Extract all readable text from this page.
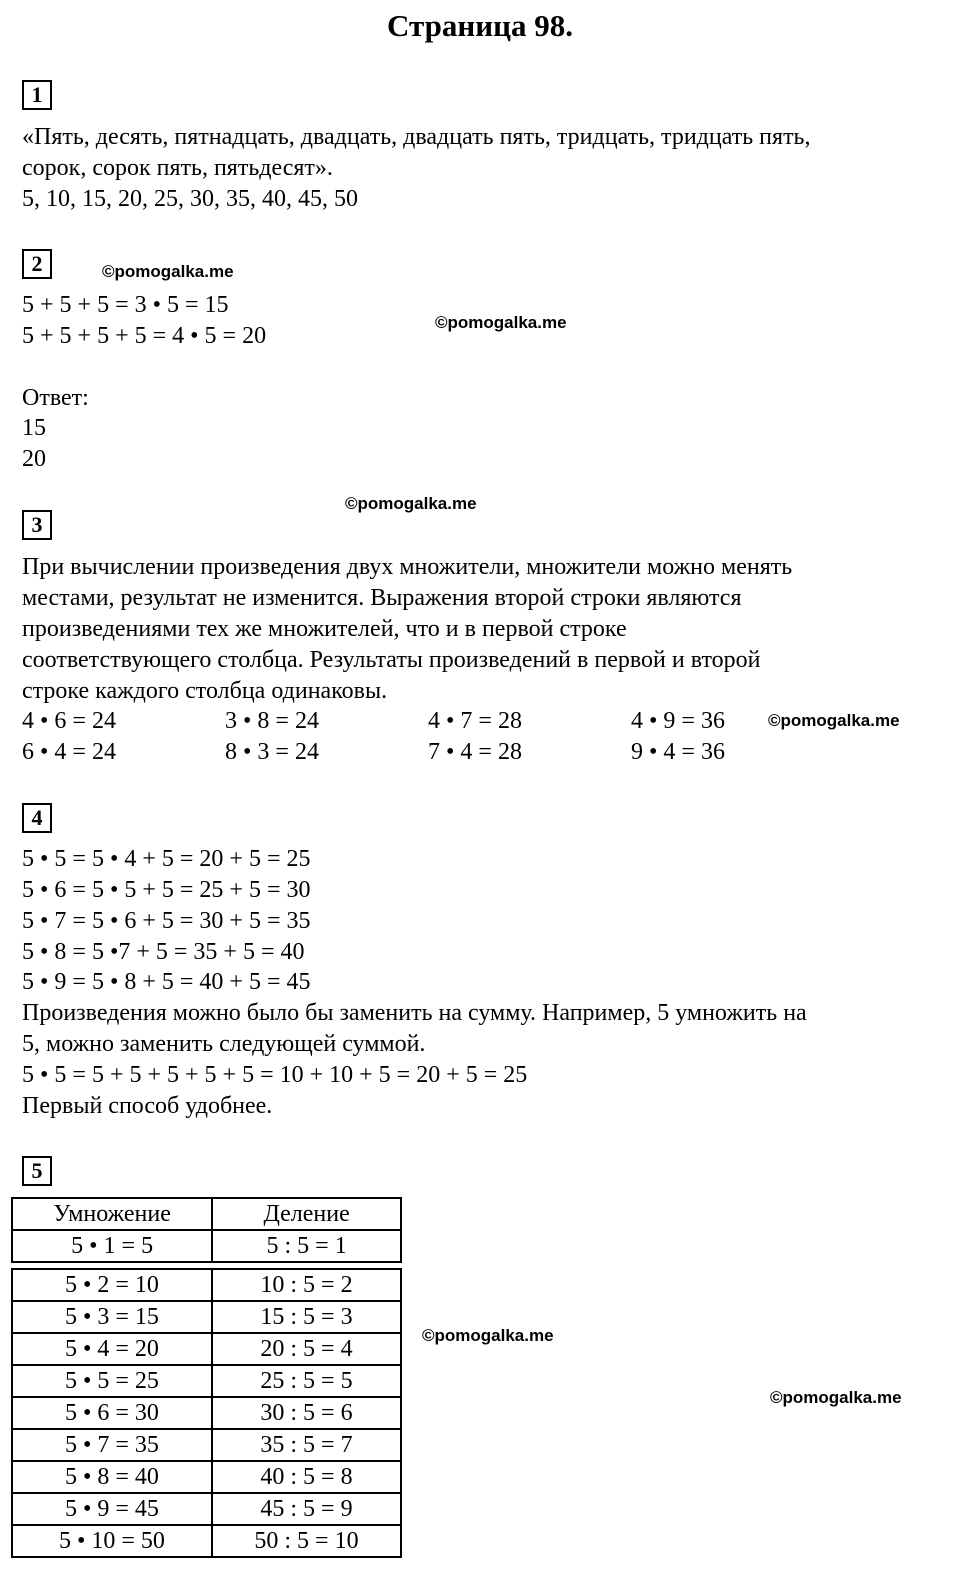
Страница 98.
1
«Пять, десять, пятнадцать, двадцать, двадцать пять, тридцать, тридцать пять,
сорок, сорок пять, пятьдесят».
5, 10, 15, 20, 25, 30, 35, 40, 45, 50
2	©pomogalka.me
5 + 5 + 5 = 3 • 5 = 15
©pomogalka.me
5 + 5 + 5 + 5 = 4 • 5 = 20
Ответ:
15
20
©pomogalka.me
3
При вычислении произведения двух множители, множители можно менять
местами, результат не изменится. Выражения второй строки являются
произведениями тех же множителей, что и в первой строке
соответствующего столбца. Результаты произведений в первой и второй
строке каждого столбца одинаковы.
4 • 6 = 24	3 • 8 = 24	4 • 7 = 28	4 • 9 = 36	©pomogalka.me
6 • 4 = 24	8 • 3 = 24	7 • 4 = 28	9 • 4 = 36
4
5 • 5 = 5 • 4 + 5 = 20 + 5 = 25
5 • 6 = 5 • 5 + 5 = 25 + 5 = 30
5 • 7 = 5 • 6 + 5 = 30 + 5 = 35
5 • 8 = 5 •7 + 5 = 35 + 5 = 40
5 • 9 = 5 • 8 + 5 = 40 + 5 = 45
Произведения можно было бы заменить на сумму. Например, 5 умножить на
5, можно заменить следующей суммой.
5 • 5 = 5 + 5 + 5 + 5 + 5 = 10 + 10 + 5 = 20 + 5 = 25
Первый способ удобнее.
5
Умножение	Деление
5 • 1 = 5	5 : 5 = 1
5 • 2 = 10	10 : 5 = 2
5 • 3 = 15	15 : 5 = 3
5 • 4 = 20	20 : 5 = 4
5 • 5 = 25	25 : 5 = 5
5 • 6 = 30	30 : 5 = 6
5 • 7 = 35	35 : 5 = 7
5 • 8 = 40	40 : 5 = 8
5 • 9 = 45	45 : 5 = 9
5 • 10 = 50	50 : 5 = 10
©pomogalka.me
©pomogalka.me
